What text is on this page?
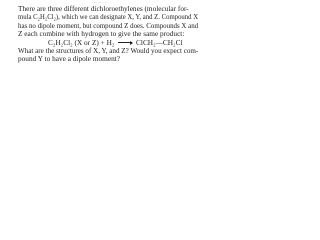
— — —

There are three different dichloroethylenes (molecular for-
mula C₂H₂Cl₂), which we can designate X, Y, and Z. Compound X
has no dipole moment, but compound Z does. Compounds X and
Z each combine with hydrogen to give the same product:

C₂H₂Cl₂ (X or Z) + H₂ → ClCH₂—CH₂Cl

What are the structures of X, Y, and Z? Would you expect com-
pound Y to have a dipole moment?
